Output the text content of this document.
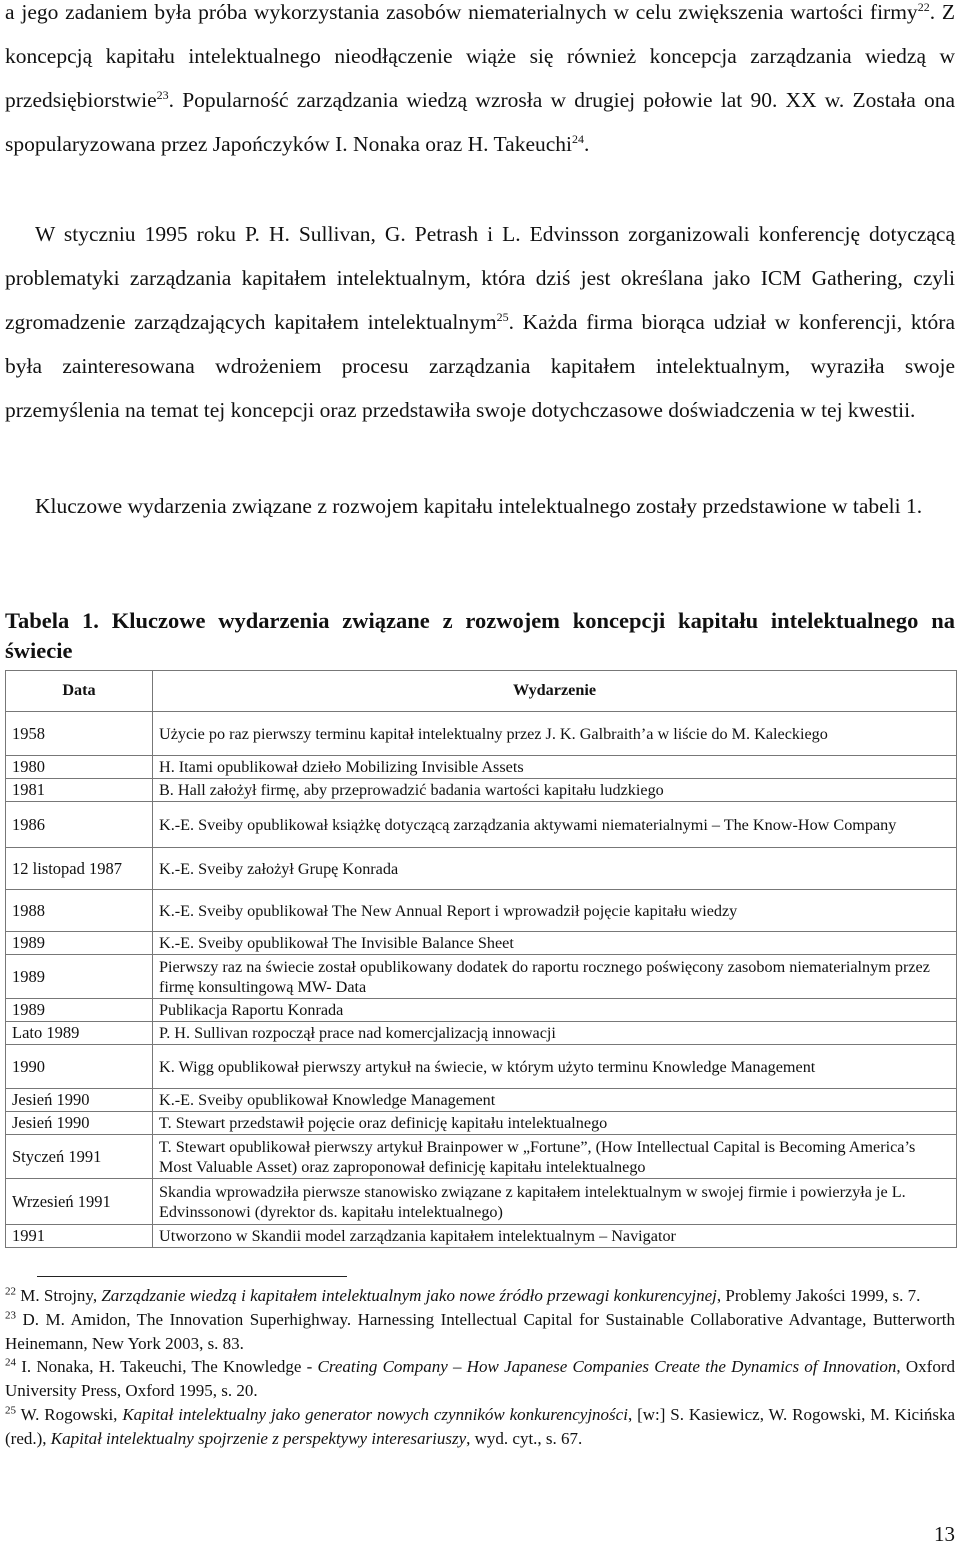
a jego zadaniem była próba wykorzystania zasobów niematerialnych w celu zwiększenia wartości firmy$^{22}$. Z koncepcją kapitału intelektualnego nieodłączenie wiąże się również koncepcja zarządzania wiedzą w przedsiębiorstwie$^{23}$. Popularność zarządzania wiedzą wzrosła w drugiej połowie lat 90. XX w. Została ona spopularyzowana przez Japończyków I. Nonaka oraz H. Takeuchi$^{24}$.

W styczniu 1995 roku P. H. Sullivan, G. Petrash i L. Edvinsson zorganizowali konferencję dotyczącą problematyki zarządzania kapitałem intelektualnym, która dziś jest określana jako ICM Gathering, czyli zgromadzenie zarządzających kapitałem intelektualnym$^{25}$. Każda firma biorąca udział w konferencji, która była zainteresowana wdrożeniem procesu zarządzania kapitałem intelektualnym, wyraziła swoje przemyślenia na temat tej koncepcji oraz przedstawiła swoje dotychczasowe doświadczenia w tej kwestii.

Kluczowe wydarzenia związane z rozwojem kapitału intelektualnego zostały przedstawione w tabeli 1.

Tabela 1. Kluczowe wydarzenia związane z rozwojem koncepcji kapitału intelektualnego na świecie

Data	Wydarzenie
1958	Użycie po raz pierwszy terminu kapitał intelektualny przez J. K. Galbraith’a w liście do M. Kaleckiego
1980	H. Itami opublikował dzieło Mobilizing Invisible Assets
1981	B. Hall założył firmę, aby przeprowadzić badania wartości kapitału ludzkiego
1986	K.-E. Sveiby opublikował książkę dotyczącą zarządzania aktywami niematerialnymi – The Know-How Company
12 listopad 1987	K.-E. Sveiby założył Grupę Konrada
1988	K.-E. Sveiby opublikował The New Annual Report i wprowadził pojęcie kapitału wiedzy
1989	K.-E. Sveiby opublikował The Invisible Balance Sheet
1989	Pierwszy raz na świecie został opublikowany dodatek do raportu rocznego poświęcony zasobom niematerialnym przez firmę konsultingową MW- Data
1989	Publikacja Raportu Konrada
Lato 1989	P. H. Sullivan rozpoczął prace nad komercjalizacją innowacji
1990	K. Wigg opublikował pierwszy artykuł na świecie, w którym użyto terminu Knowledge Management
Jesień 1990	K.-E. Sveiby opublikował Knowledge Management
Jesień 1990	T. Stewart przedstawił pojęcie oraz definicję kapitału intelektualnego
Styczeń 1991	T. Stewart opublikował pierwszy artykuł Brainpower w „Fortune”, (How Intellectual Capital is Becoming America’s Most Valuable Asset) oraz zaproponował definicję kapitału intelektualnego
Wrzesień 1991	Skandia wprowadziła pierwsze stanowisko związane z kapitałem intelektualnym w swojej firmie i powierzyła je L. Edvinssonowi (dyrektor ds. kapitału intelektualnego)
1991	Utworzono w Skandii model zarządzania kapitałem intelektualnym – Navigator

$^{22}$ M. Strojny, Zarządzanie wiedzą i kapitałem intelektualnym jako nowe źródło przewagi konkurencyjnej, Problemy Jakości 1999, s. 7.

$^{23}$ D. M. Amidon, The Innovation Superhighway. Harnessing Intellectual Capital for Sustainable Collaborative Advantage, Butterworth Heinemann, New York 2003, s. 83.

$^{24}$ I. Nonaka, H. Takeuchi, The Knowledge - Creating Company – How Japanese Companies Create the Dynamics of Innovation, Oxford University Press, Oxford 1995, s. 20.

$^{25}$ W. Rogowski, Kapitał intelektualny jako generator nowych czynników konkurencyjności, [w:] S. Kasiewicz, W. Rogowski, M. Kicińska (red.), Kapitał intelektualny spojrzenie z perspektywy interesariuszy, wyd. cyt., s. 67.

13
